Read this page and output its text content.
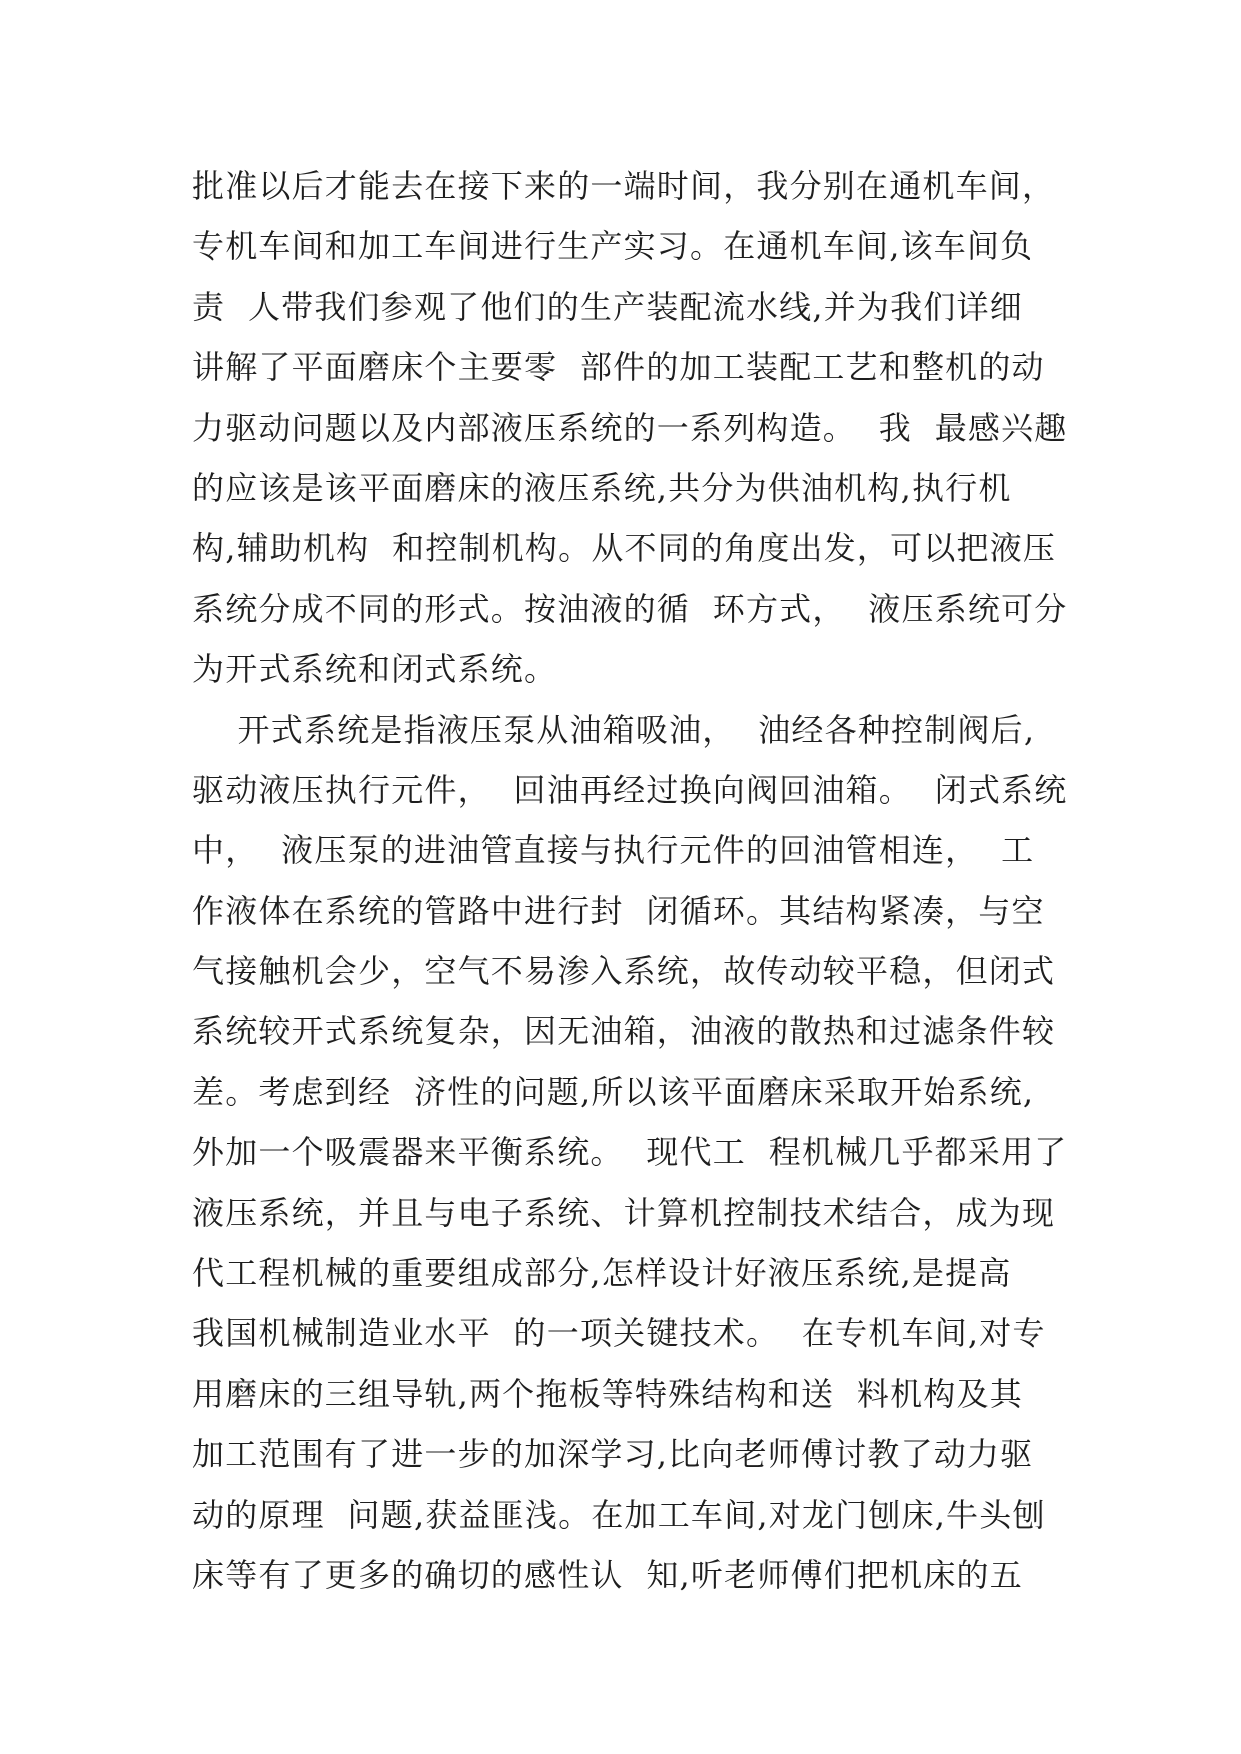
批准以后才能去在接下来的一端时间，我分别在通机车间，
专机车间和加工车间进行生产实习。在通机车间,该车间负
责  人带我们参观了他们的生产装配流水线,并为我们详细
讲解了平面磨床个主要零  部件的加工装配工艺和整机的动
力驱动问题以及内部液压系统的一系列构造。  我  最感兴趣
的应该是该平面磨床的液压系统,共分为供油机构,执行机
构,辅助机构  和控制机构。从不同的角度出发，可以把液压
系统分成不同的形式。按油液的循  环方式，  液压系统可分
为开式系统和闭式系统。
开式系统是指液压泵从油箱吸油，  油经各种控制阀后,
驱动液压执行元件，  回油再经过换向阀回油箱。  闭式系统
中，  液压泵的进油管直接与执行元件的回油管相连，  工
作液体在系统的管路中进行封  闭循环。其结构紧凑，与空
气接触机会少，空气不易渗入系统，故传动较平稳，但闭式
系统较开式系统复杂，因无油箱，油液的散热和过滤条件较
差。考虑到经  济性的问题,所以该平面磨床采取开始系统,
外加一个吸震器来平衡系统。  现代工  程机械几乎都采用了
液压系统，并且与电子系统、计算机控制技术结合，成为现
代工程机械的重要组成部分,怎样设计好液压系统,是提高
我国机械制造业水平  的一项关键技术。  在专机车间,对专
用磨床的三组导轨,两个拖板等特殊结构和送  料机构及其
加工范围有了进一步的加深学习,比向老师傅讨教了动力驱
动的原理  问题,获益匪浅。在加工车间,对龙门刨床,牛头刨
床等有了更多的确切的感性认  知,听老师傅们把机床的五
